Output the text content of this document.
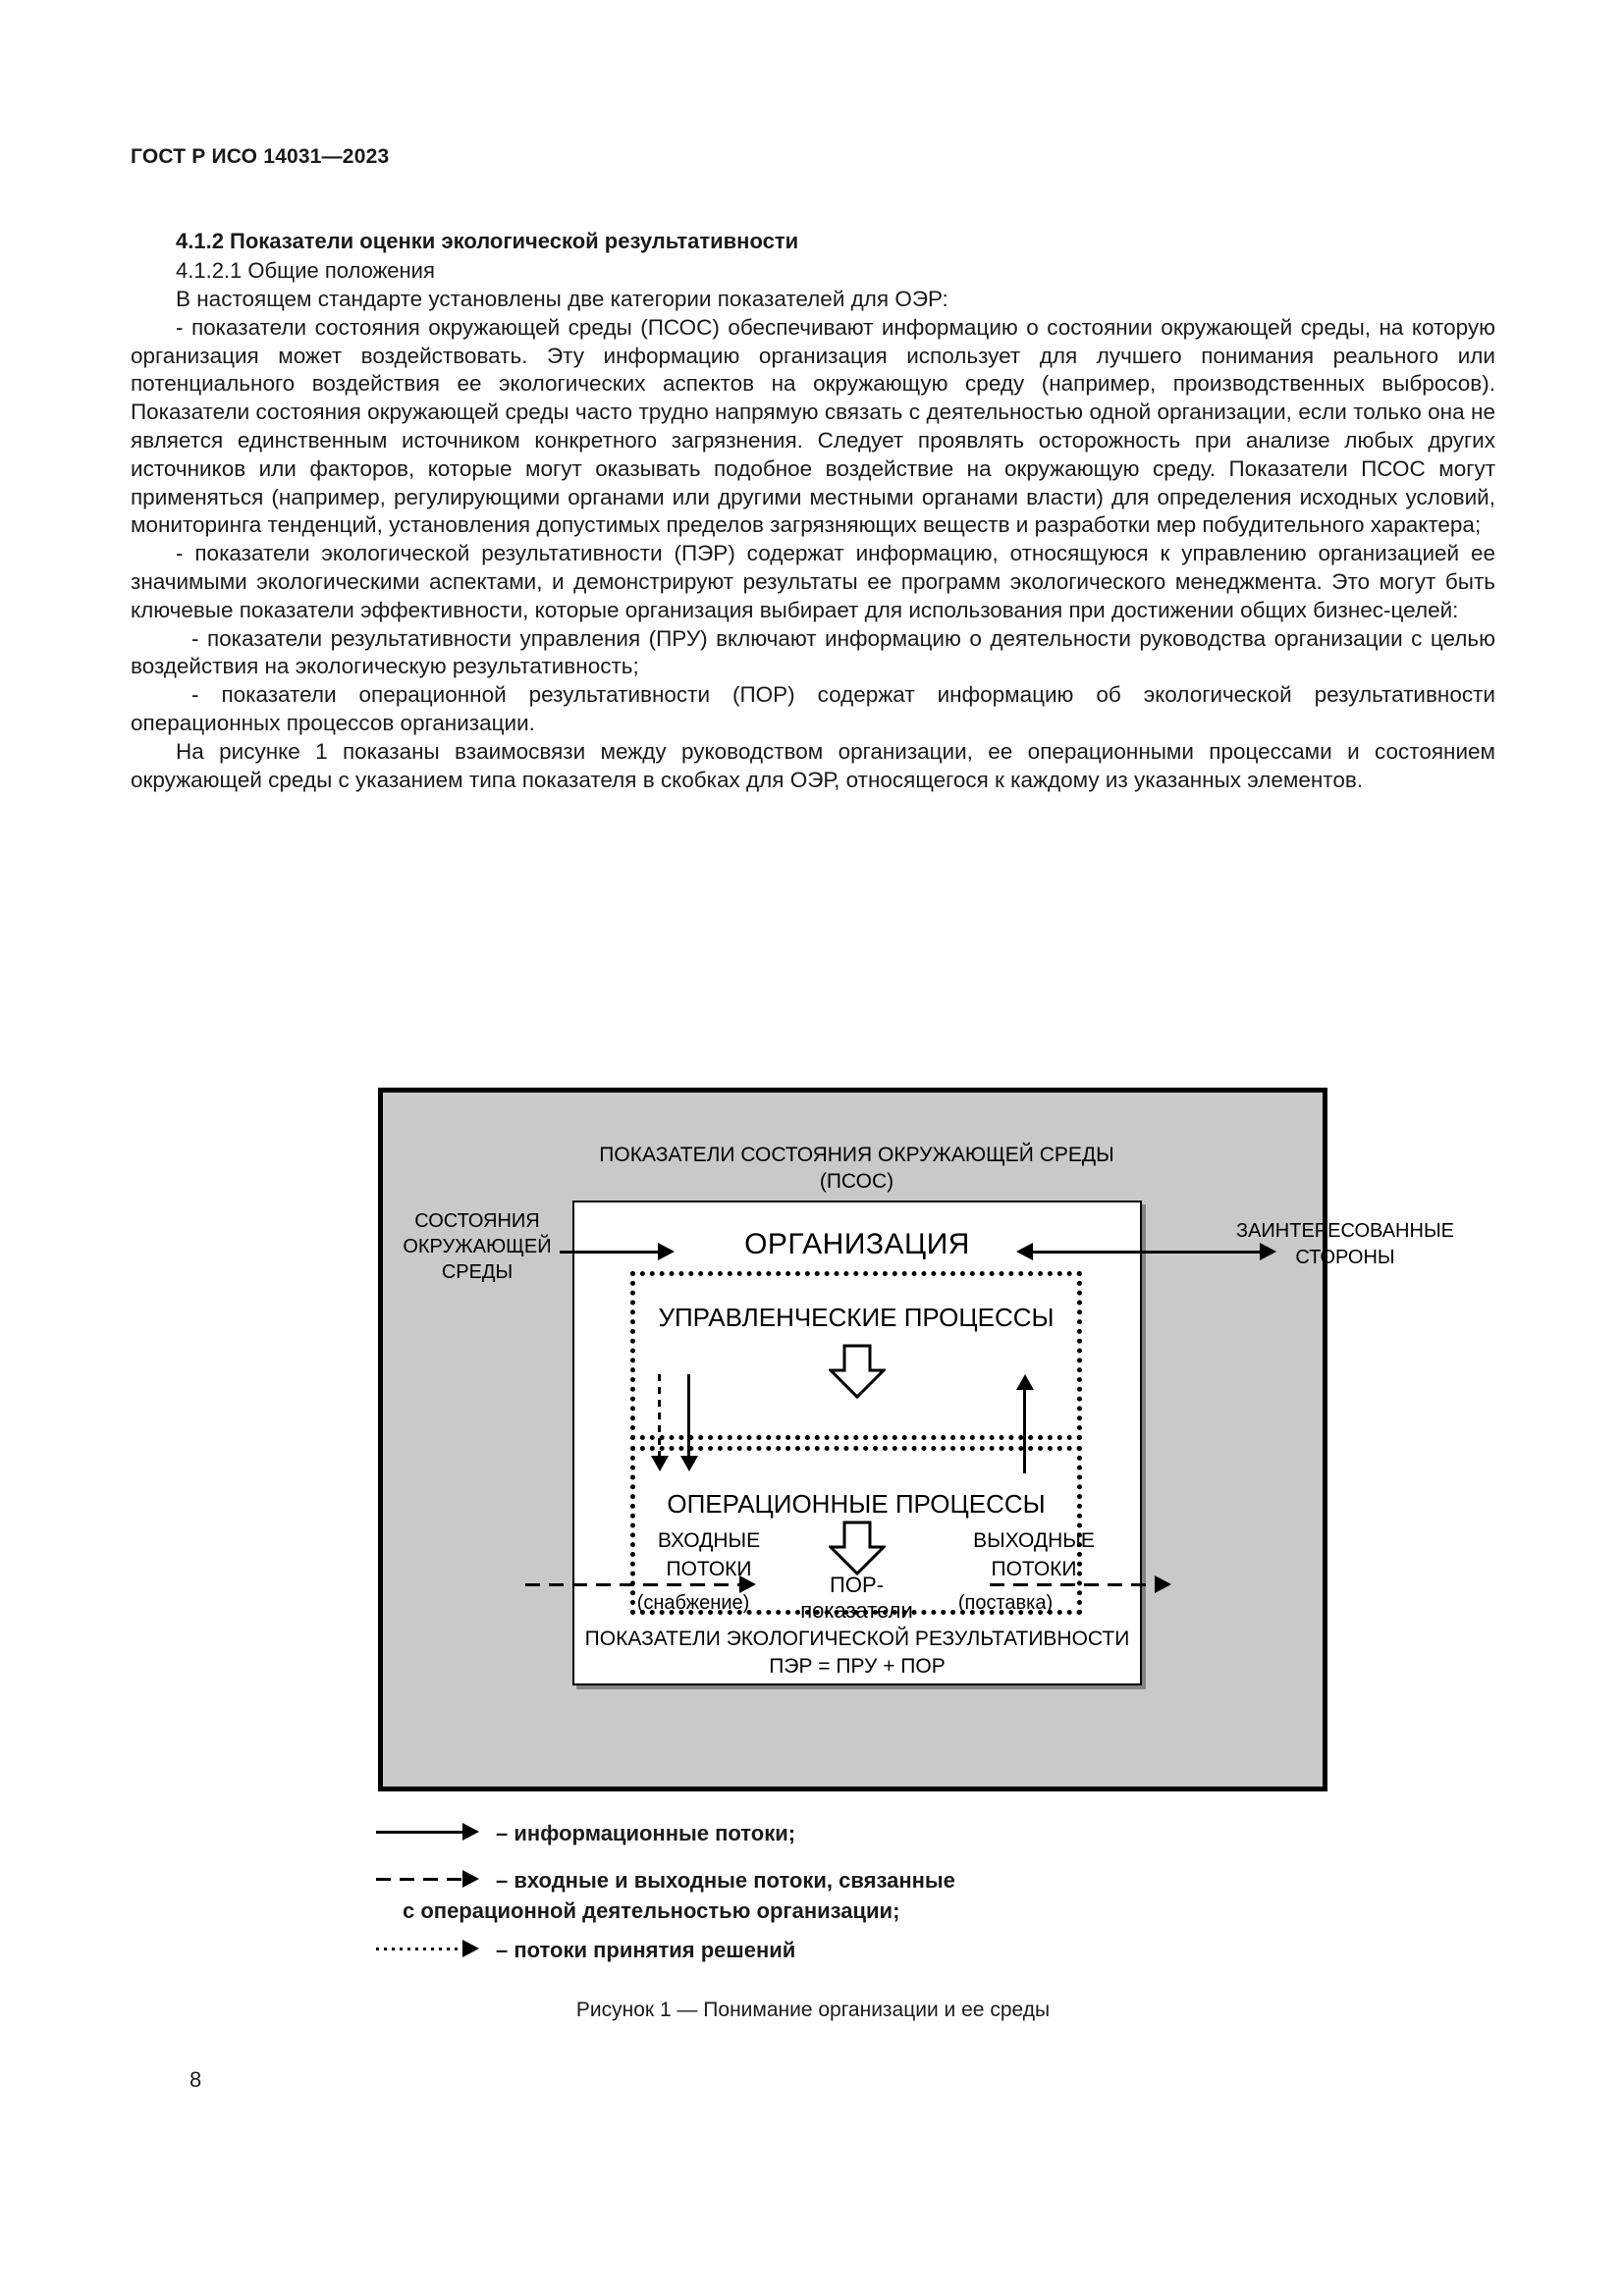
ГОСТ Р ИСО 14031—2023
4.1.2 Показатели оценки экологической результативности
4.1.2.1 Общие положения

В настоящем стандарте установлены две категории показателей для ОЭР:

- показатели состояния окружающей среды (ПСОС) обеспечивают информацию о состоянии окружающей среды, на которую организация может воздействовать. Эту информацию организация использует для лучшего понимания реального или потенциального воздействия ее экологических аспектов на окружающую среду (например, производственных выбросов). Показатели состояния окружающей среды часто трудно напрямую связать с деятельностью одной организации, если только она не является единственным источником конкретного загрязнения. Следует проявлять осторожность при анализе любых других источников или факторов, которые могут оказывать подобное воздействие на окружающую среду. Показатели ПСОС могут применяться (например, регулирующими органами или другими местными органами власти) для определения исходных условий, мониторинга тенденций, установления допустимых пределов загрязняющих веществ и разработки мер побудительного характера;

- показатели экологической результативности (ПЭР) содержат информацию, относящуюся к управлению организацией ее значимыми экологическими аспектами, и демонстрируют результаты ее программ экологического менеджмента. Это могут быть ключевые показатели эффективности, которые организация выбирает для использования при достижении общих бизнес-целей:

- показатели результативности управления (ПРУ) включают информацию о деятельности руководства организации с целью воздействия на экологическую результативность;

- показатели операционной результативности (ПОР) содержат информацию об экологической результативности операционных процессов организации.

На рисунке 1 показаны взаимосвязи между руководством организации, ее операционными процессами и состоянием окружающей среды с указанием типа показателя в скобках для ОЭР, относящегося к каждому из указанных элементов.

ПОКАЗАТЕЛИ СОСТОЯНИЯ ОКРУЖАЮЩЕЙ СРЕДЫ
(ПСОС)
СОСТОЯНИЯ
ОКРУЖАЮЩЕЙ
СРЕДЫ
ЗАИНТЕРЕСОВАННЫЕ
СТОРОНЫ
ОРГАНИЗАЦИЯ
УПРАВЛЕНЧЕСКИЕ ПРОЦЕССЫ
ОПЕРАЦИОННЫЕ ПРОЦЕССЫ
ВХОДНЫЕ
ПОТОКИ
ВЫХОДНЫЕ
ПОТОКИ
ПОР-показатели
(снабжение)	(поставка)
ПОКАЗАТЕЛИ ЭКОЛОГИЧЕСКОЙ РЕЗУЛЬТАТИВНОСТИ
ПЭР = ПРУ + ПОР
– информационные потоки;
– входные и выходные потоки, связанные
с операционной деятельностью организации;
– потоки принятия решений
Рисунок 1 — Понимание организации и ее среды
8
